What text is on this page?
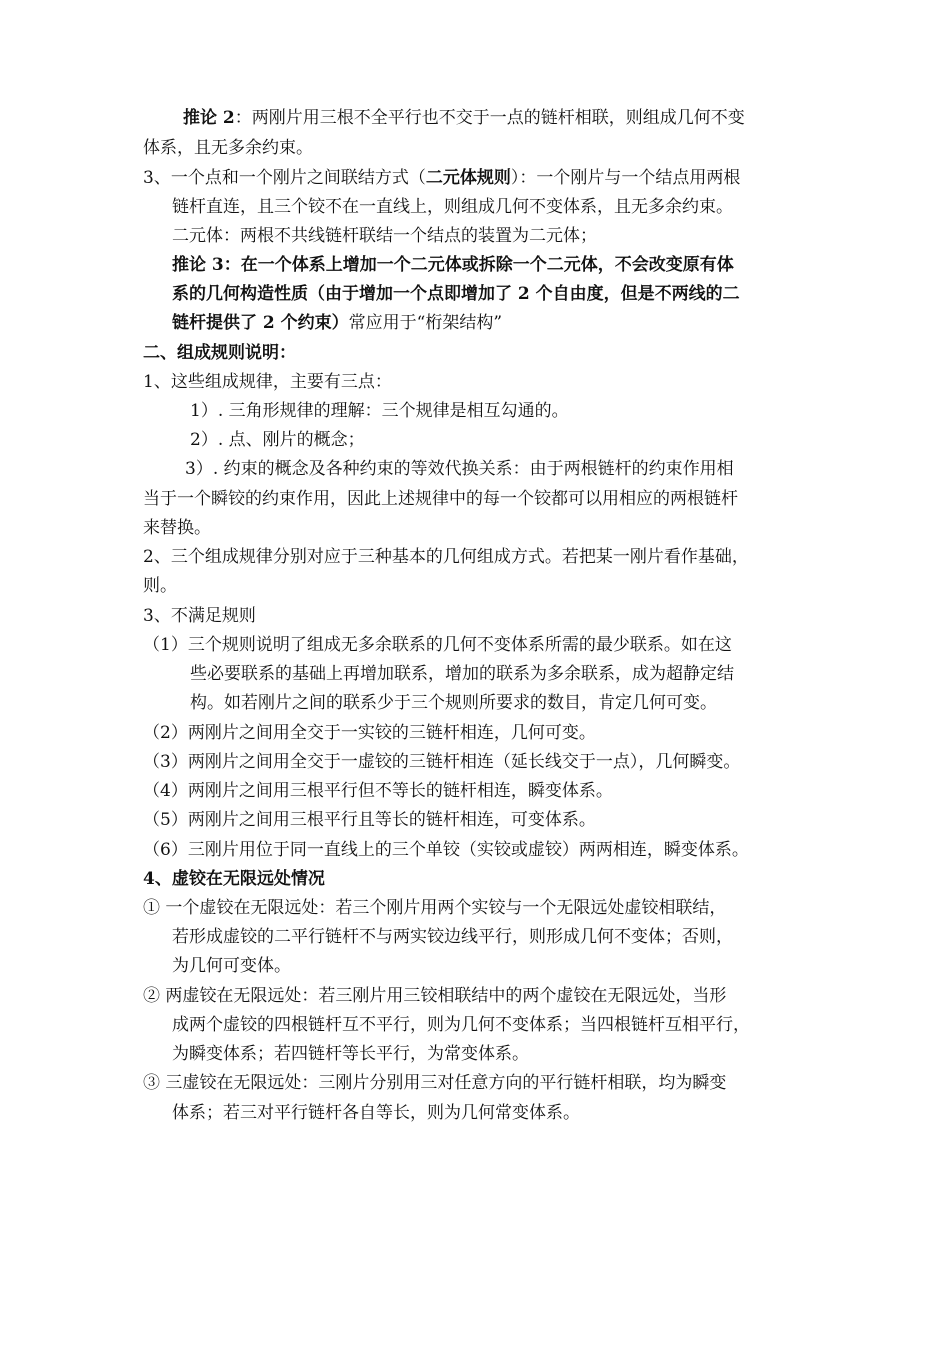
推论 2：两刚片用三根不全平行也不交于一点的链杆相联，则组成几何不变
体系，且无多余约束。
3、一个点和一个刚片之间联结方式（二元体规则）：一个刚片与一个结点用两根
链杆直连，且三个铰不在一直线上，则组成几何不变体系，且无多余约束。
二元体：两根不共线链杆联结一个结点的装置为二元体；
推论 3：在一个体系上增加一个二元体或拆除一个二元体，不会改变原有体
系的几何构造性质（由于增加一个点即增加了 2 个自由度，但是不两线的二
链杆提供了 2 个约束）常应用于“桁架结构”
二、组成规则说明：
1、这些组成规律，主要有三点：
1）. 三角形规律的理解：三个规律是相互勾通的。
2）. 点、刚片的概念；
3）. 约束的概念及各种约束的等效代换关系：由于两根链杆的约束作用相
当于一个瞬铰的约束作用，因此上述规律中的每一个铰都可以用相应的两根链杆
来替换。
2、三个组成规律分别对应于三种基本的几何组成方式。若把某一刚片看作基础，
则。
3、不满足规则
（1）三个规则说明了组成无多余联系的几何不变体系所需的最少联系。如在这
些必要联系的基础上再增加联系，增加的联系为多余联系，成为超静定结
构。如若刚片之间的联系少于三个规则所要求的数目，肯定几何可变。
（2）两刚片之间用全交于一实铰的三链杆相连，几何可变。
（3）两刚片之间用全交于一虚铰的三链杆相连（延长线交于一点），几何瞬变。
（4）两刚片之间用三根平行但不等长的链杆相连，瞬变体系。
（5）两刚片之间用三根平行且等长的链杆相连，可变体系。
（6）三刚片用位于同一直线上的三个单铰（实铰或虚铰）两两相连，瞬变体系。
4、虚铰在无限远处情况
① 一个虚铰在无限远处：若三个刚片用两个实铰与一个无限远处虚铰相联结，
若形成虚铰的二平行链杆不与两实铰边线平行，则形成几何不变体；否则，
为几何可变体。
② 两虚铰在无限远处：若三刚片用三铰相联结中的两个虚铰在无限远处，当形
成两个虚铰的四根链杆互不平行，则为几何不变体系；当四根链杆互相平行，
为瞬变体系；若四链杆等长平行，为常变体系。
③ 三虚铰在无限远处：三刚片分别用三对任意方向的平行链杆相联，均为瞬变
体系；若三对平行链杆各自等长，则为几何常变体系。
